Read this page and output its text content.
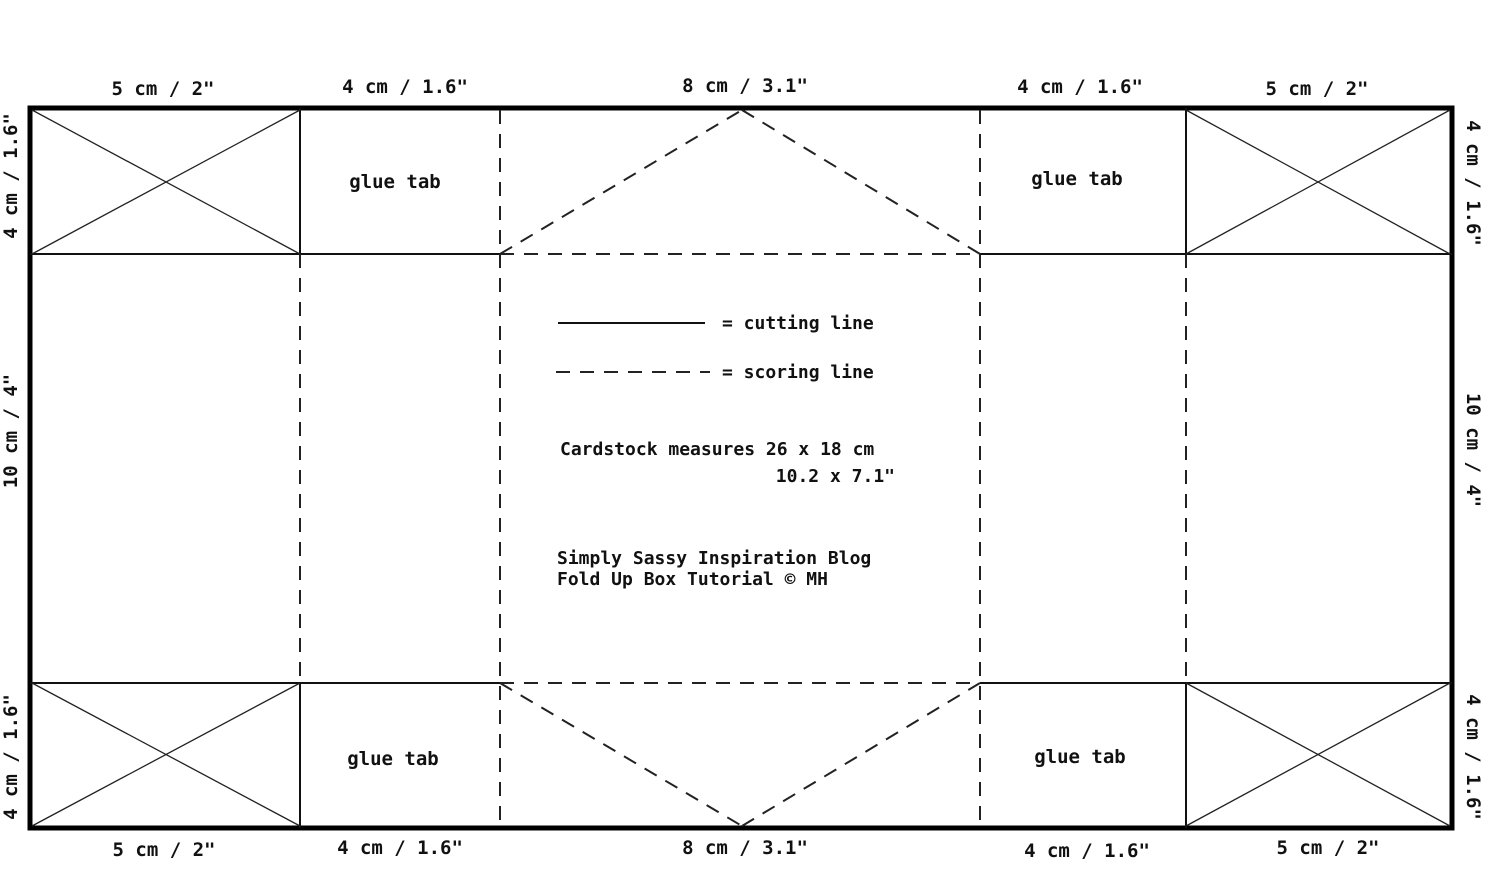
5 cm / 2"	4 cm / 1.6"	8 cm / 3.1"	4 cm / 1.6"	5 cm / 2"
5 cm / 2"	4 cm / 1.6"	8 cm / 3.1"	4 cm / 1.6"	5 cm / 2"
4 cm / 1.6"
10 cm / 4"
4 cm / 1.6"
4 cm / 1.6"
10 cm / 4"
4 cm / 1.6"
glue tab	glue tab
glue tab	glue tab
= cutting line
= scoring line
Cardstock measures 26 x 18 cm
10.2 x 7.1"
Simply Sassy Inspiration Blog
Fold Up Box Tutorial © MH
